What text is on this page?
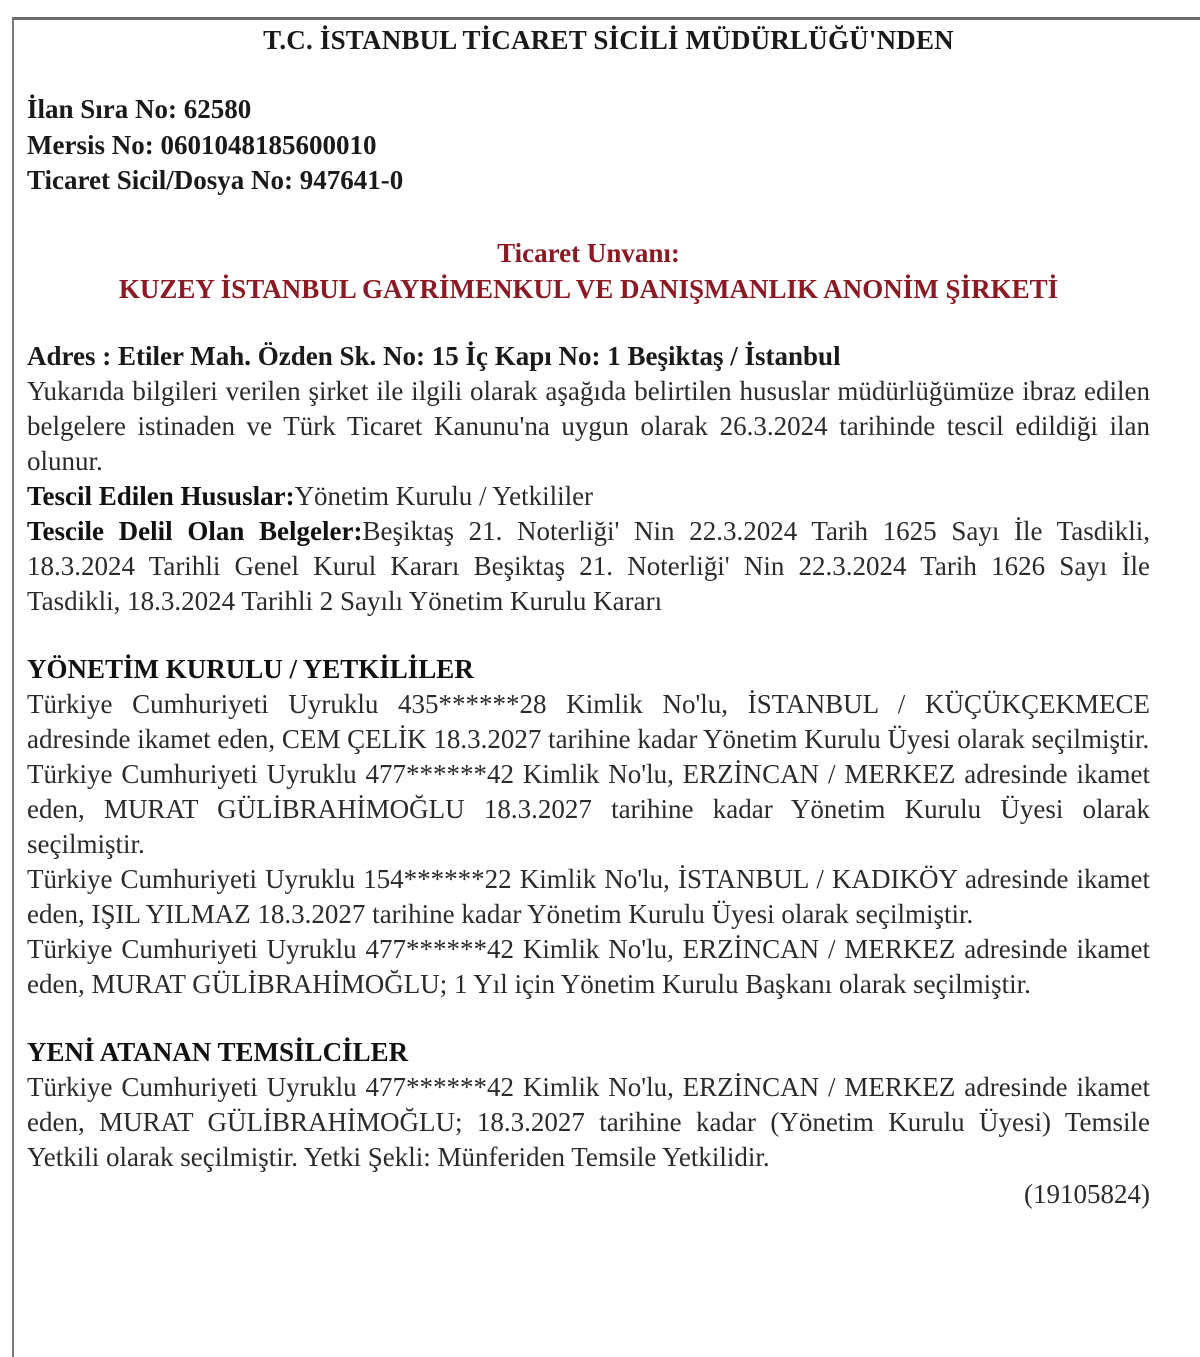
T.C. İSTANBUL TİCARET SİCİLİ MÜDÜRLÜĞÜ'NDEN
İlan Sıra No: 62580
Mersis No: 0601048185600010
Ticaret Sicil/Dosya No: 947641-0
Ticaret Unvanı:
KUZEY İSTANBUL GAYRİMENKUL VE DANIŞMANLIK ANONİM ŞİRKETİ
Adres : Etiler Mah. Özden Sk. No: 15 İç Kapı No: 1 Beşiktaş / İstanbul

Yukarıda bilgileri verilen şirket ile ilgili olarak aşağıda belirtilen hususlar müdürlüğümüze ibraz edilen belgelere istinaden ve Türk Ticaret Kanunu'na uygun olarak 26.3.2024 tarihinde tescil edildiği ilan olunur.

Tescil Edilen Hususlar:Yönetim Kurulu / Yetkililer

Tescile Delil Olan Belgeler:Beşiktaş 21. Noterliği' Nin 22.3.2024 Tarih 1625 Sayı İle Tasdikli, 18.3.2024 Tarihli Genel Kurul Kararı Beşiktaş 21. Noterliği' Nin 22.3.2024 Tarih 1626 Sayı İle Tasdikli, 18.3.2024 Tarihli 2 Sayılı Yönetim Kurulu Kararı

YÖNETİM KURULU / YETKİLİLER

Türkiye Cumhuriyeti Uyruklu 435******28 Kimlik No'lu, İSTANBUL / KÜÇÜKÇEKMECE adresinde ikamet eden, CEM ÇELİK 18.3.2027 tarihine kadar Yönetim Kurulu Üyesi olarak seçilmiştir.

Türkiye Cumhuriyeti Uyruklu 477******42 Kimlik No'lu, ERZİNCAN / MERKEZ adresinde ikamet eden, MURAT GÜLİBRAHİMOĞLU 18.3.2027 tarihine kadar Yönetim Kurulu Üyesi olarak seçilmiştir.

Türkiye Cumhuriyeti Uyruklu 154******22 Kimlik No'lu, İSTANBUL / KADIKÖY adresinde ikamet eden, IŞIL YILMAZ 18.3.2027 tarihine kadar Yönetim Kurulu Üyesi olarak seçilmiştir.

Türkiye Cumhuriyeti Uyruklu 477******42 Kimlik No'lu, ERZİNCAN / MERKEZ adresinde ikamet eden, MURAT GÜLİBRAHİMOĞLU; 1 Yıl için Yönetim Kurulu Başkanı olarak seçilmiştir.

YENİ ATANAN TEMSİLCİLER

Türkiye Cumhuriyeti Uyruklu 477******42 Kimlik No'lu, ERZİNCAN / MERKEZ adresinde ikamet eden, MURAT GÜLİBRAHİMOĞLU; 18.3.2027 tarihine kadar (Yönetim Kurulu Üyesi) Temsile Yetkili olarak seçilmiştir. Yetki Şekli: Münferiden Temsile Yetkilidir.

(19105824)
